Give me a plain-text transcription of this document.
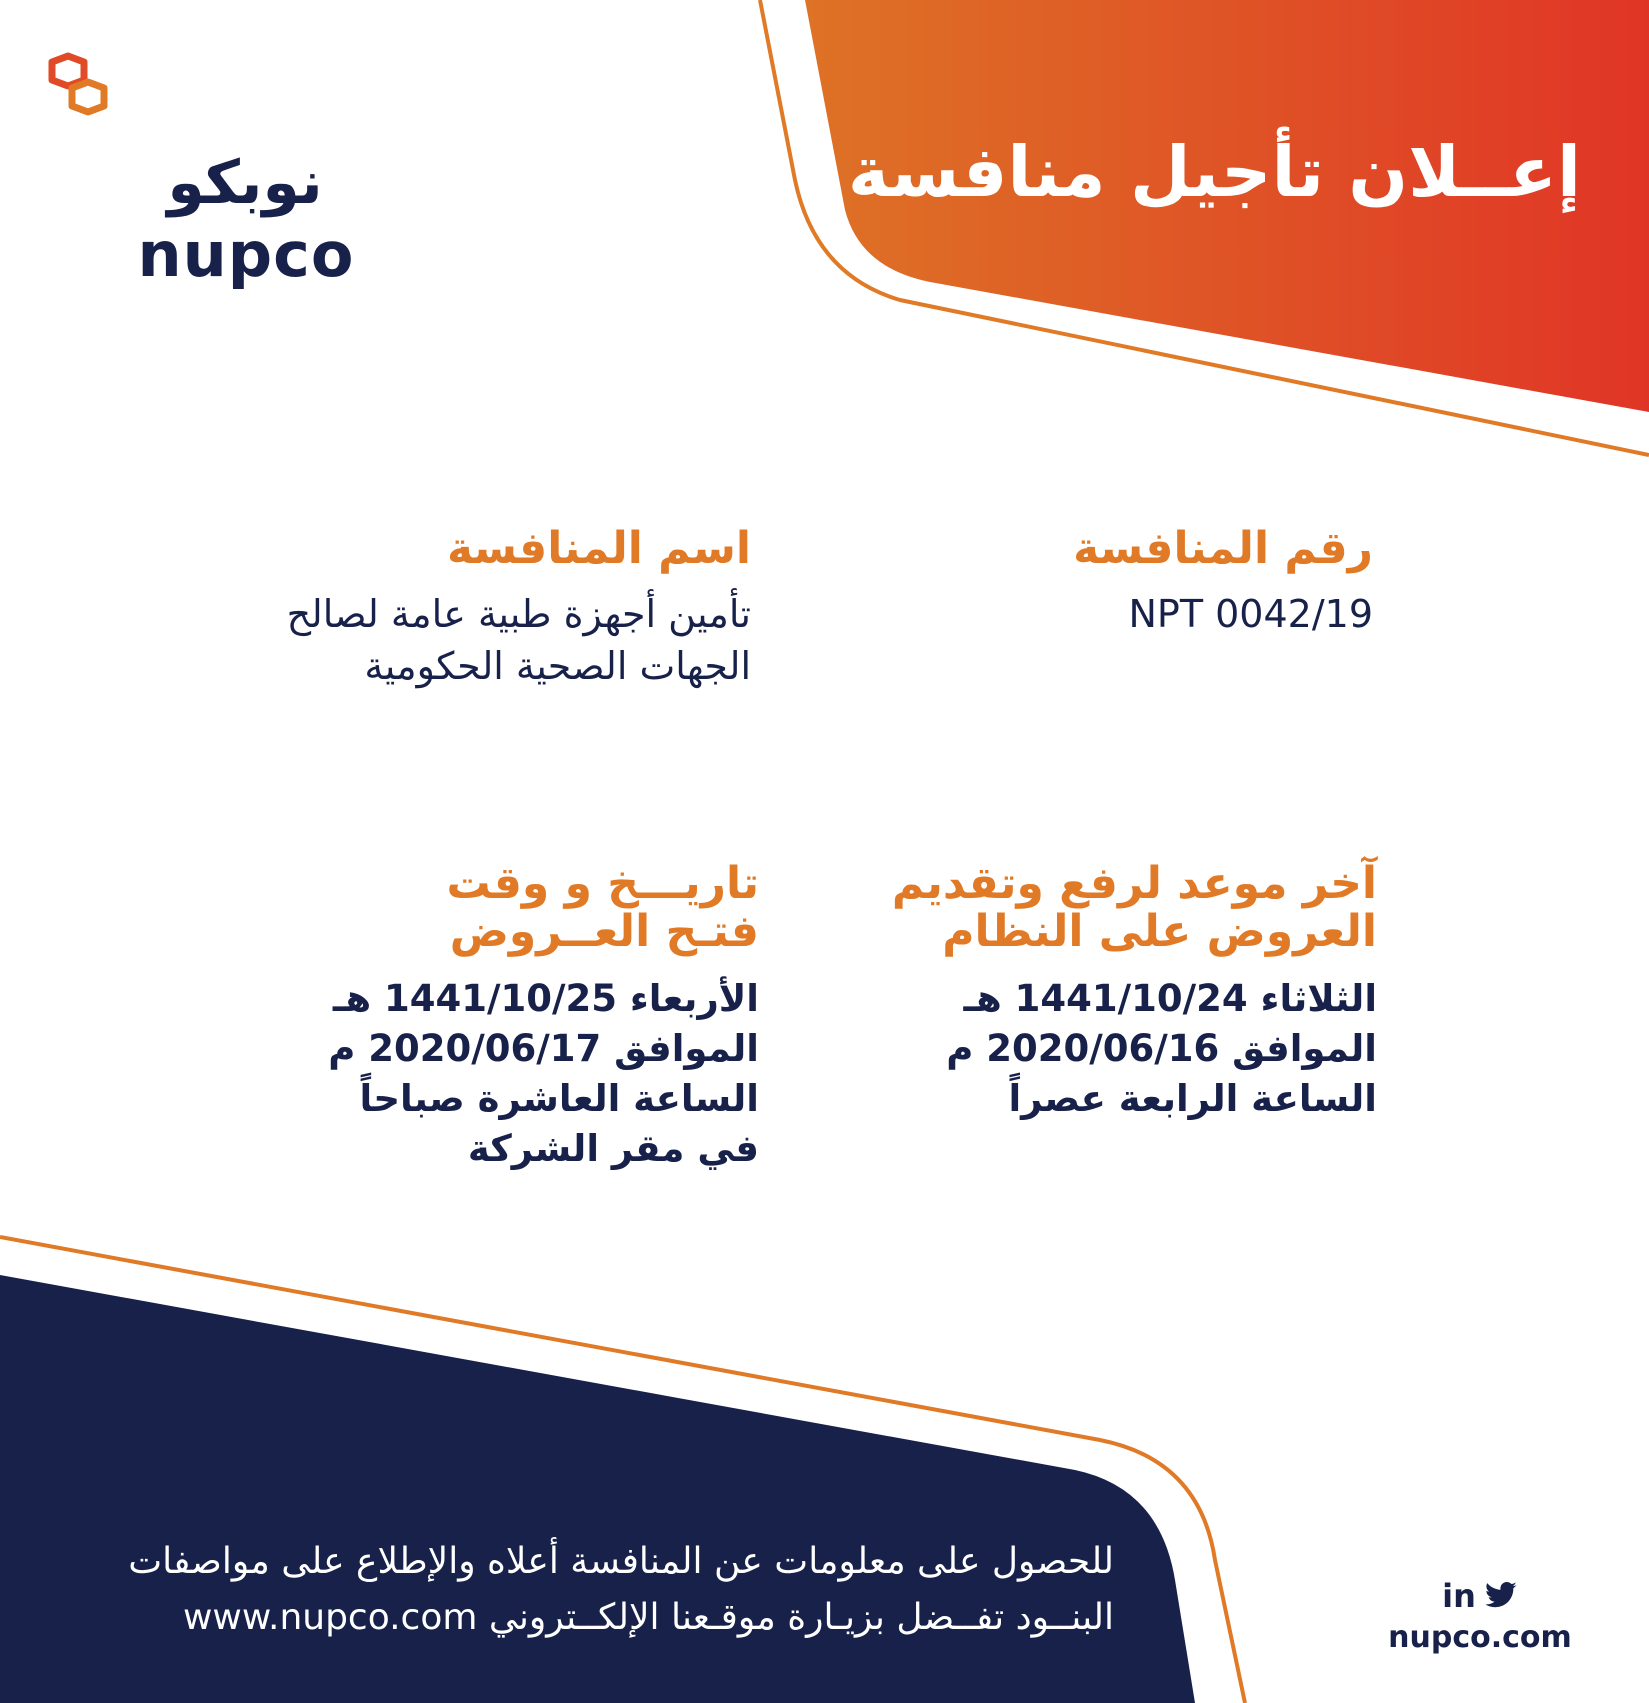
نوبكو
nupco
إعــلان تأجيل منافسة
رقم المنافسة
NPT 0042/19
اسم المنافسة
تأمين أجهزة طبية عامة لصالح
الجهات الصحية الحكومية
آخر موعد لرفع وتقديم
العروض على النظام
الثلاثاء 1441/10/24 هـ
الموافق 2020/06/16 م
الساعة الرابعة عصراً
تاريـــخ و وقت
فتـح العــروض
الأربعاء 1441/10/25 هـ
الموافق 2020/06/17 م
الساعة العاشرة صباحاً
في مقر الشركة
للحصول على معلومات عن المنافسة أعلاه والإطلاع على مواصفات
البنــود تفــضل بزيـارة موقـعنا الإلكــتروني www.nupco.com
in
nupco.com
